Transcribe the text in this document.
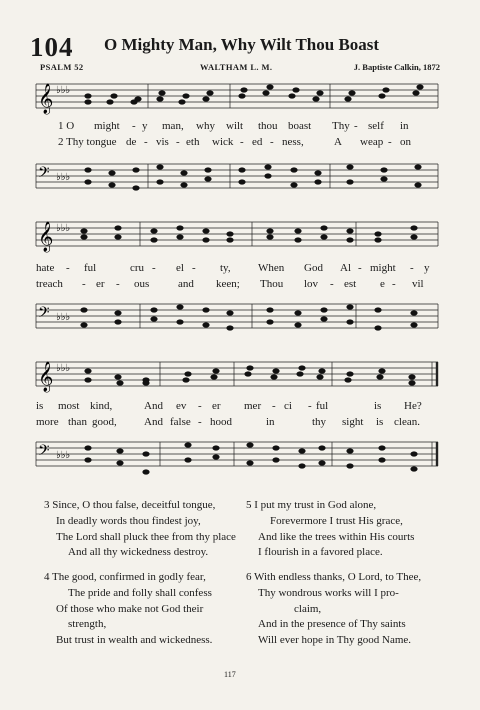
104 O Mighty Man, Why Wilt Thou Boast
PSALM 52	WALTHAM L. M.	J. Baptiste Calkin, 1872
𝄞 ♭♭♭
1 O might - y man, why wilt thou boast Thy - self in
2 Thy tongue de - vis - eth wick - ed - ness,	A weap - on
𝄢 ♭♭♭
𝄞 ♭♭♭
hate - ful	cru - el - ty, When God Al - might - y
treach - er - ous	and keen; Thou lov - est e - vil
𝄢 ♭♭♭
𝄞 ♭♭♭
is most kind,	And ev - er mer - ci - ful	is He?
more than good, And false - hood	in	thy sight is clean.
𝄢 ♭♭♭
3 Since, O thou false, deceitful tongue,
In deadly words thou findest joy,
The Lord shall pluck thee from thy place
And all thy wickedness destroy.
4 The good, confirmed in godly fear,
The pride and folly shall confess
Of those who make not God their
strength,
But trust in wealth and wickedness.
5 I put my trust in God alone,
Forevermore I trust His grace,
And like the trees within His courts
I flourish in a favored place.
6 With endless thanks, O Lord, to Thee,
Thy wondrous works will I pro-
claim,
And in the presence of Thy saints
Will ever hope in Thy good Name.
117
